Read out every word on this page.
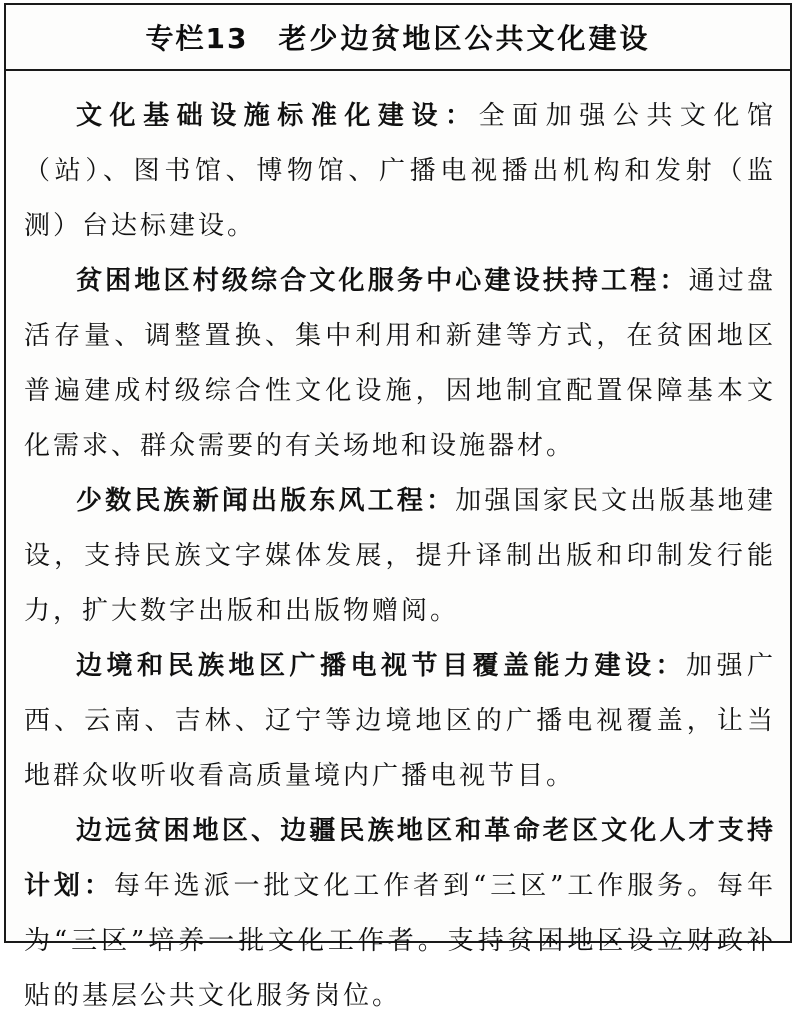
专栏13 老少边贫地区公共文化建设

文化基础设施标准化建设：全面加强公共文化馆（站）、图书馆、博物馆、广播电视播出机构和发射（监测）台达标建设。

贫困地区村级综合文化服务中心建设扶持工程：通过盘活存量、调整置换、集中利用和新建等方式，在贫困地区普遍建成村级综合性文化设施，因地制宜配置保障基本文化需求、群众需要的有关场地和设施器材。

少数民族新闻出版东风工程：加强国家民文出版基地建设，支持民族文字媒体发展，提升译制出版和印制发行能力，扩大数字出版和出版物赠阅。

边境和民族地区广播电视节目覆盖能力建设：加强广西、云南、吉林、辽宁等边境地区的广播电视覆盖，让当地群众收听收看高质量境内广播电视节目。

边远贫困地区、边疆民族地区和革命老区文化人才支持计划：每年选派一批文化工作者到“三区”工作服务。每年为“三区”培养一批文化工作者。支持贫困地区设立财政补贴的基层公共文化服务岗位。
